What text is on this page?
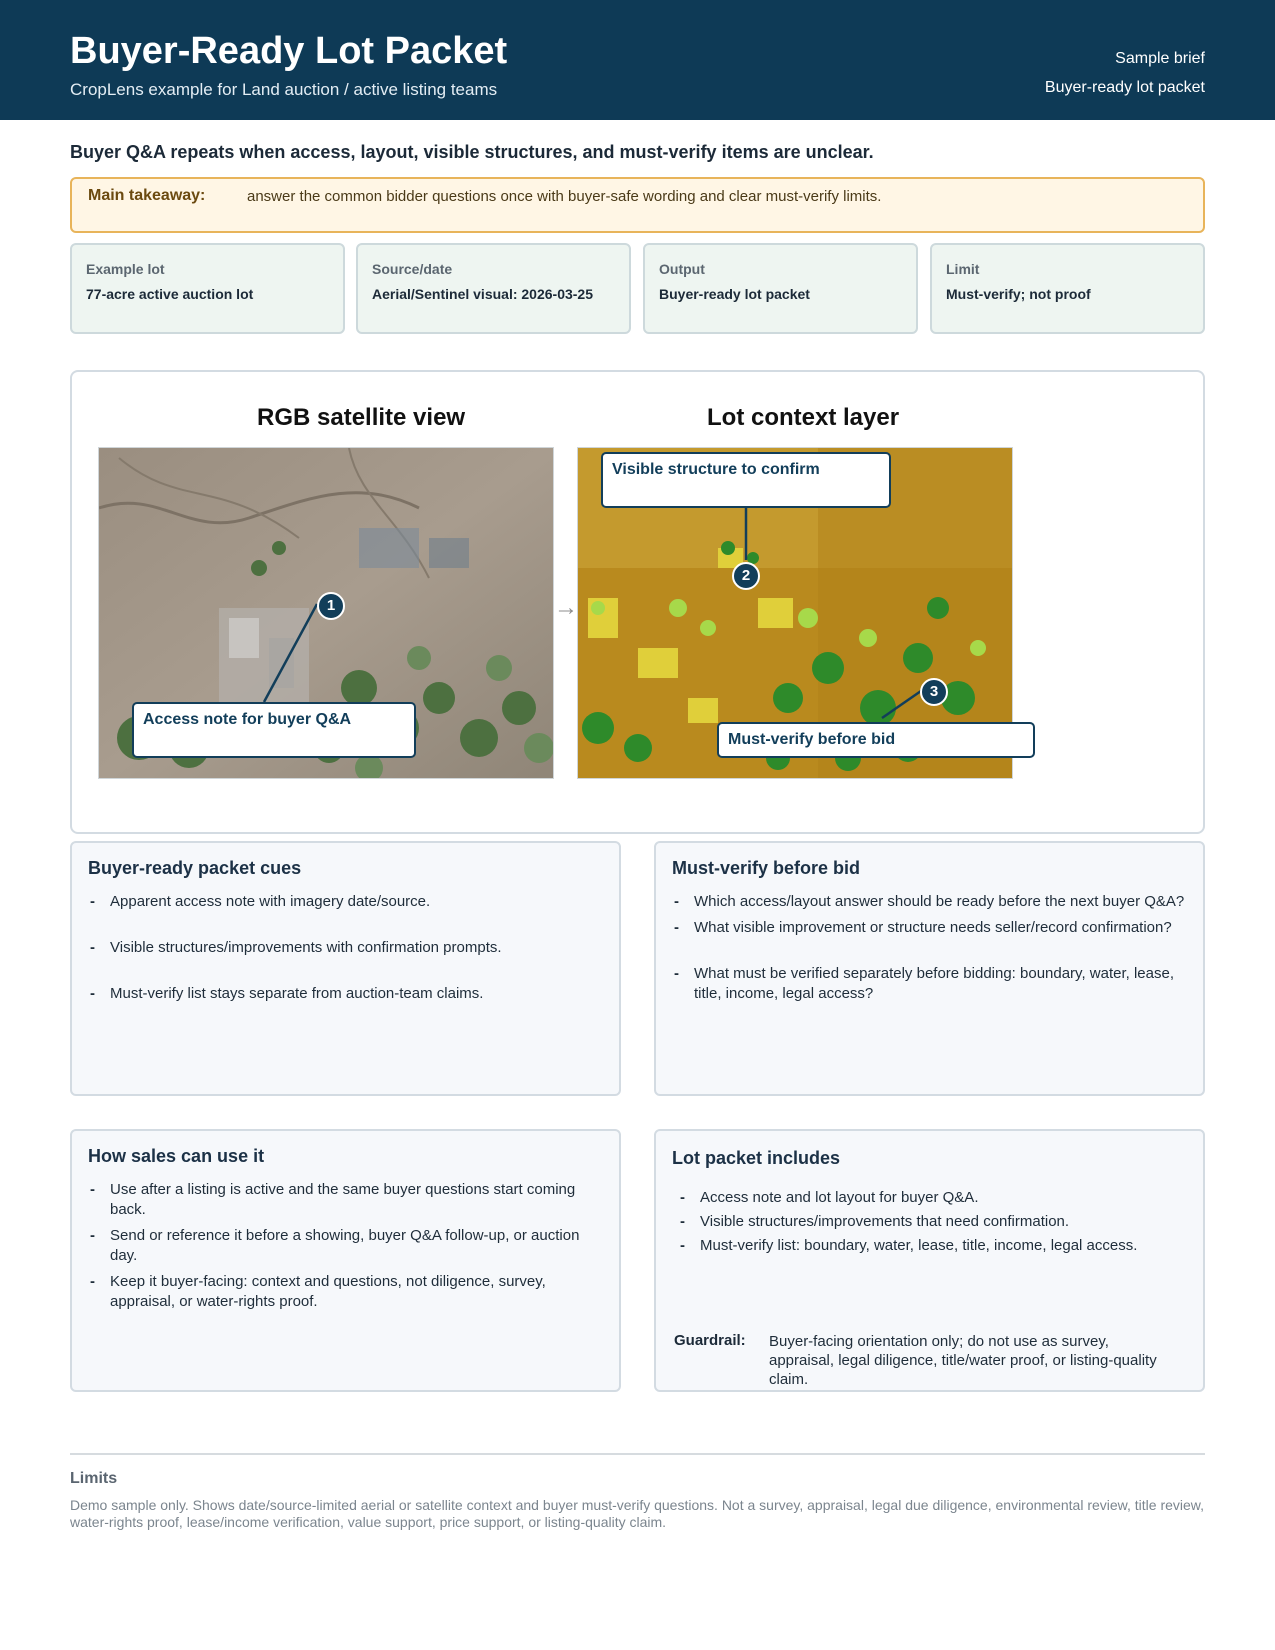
Buyer-Ready Lot Packet
CropLens example for Land auction / active listing teams
Sample brief
Buyer-ready lot packet
Buyer Q&A repeats when access, layout, visible structures, and must-verify items are unclear.
Main takeaway:	answer the common bidder questions once with buyer-safe wording and clear must-verify limits.
Example lot
77-acre active auction lot
Source/date
Aerial/Sentinel visual: 2026-03-25
Output
Buyer-ready lot packet
Limit
Must-verify; not proof
RGB satellite view	Lot context layer
→
1
Access note for buyer Q&A
2
Visible structure to confirm
3
Must-verify before bid
Buyer-ready packet cues
- Apparent access note with imagery date/source.
- Visible structures/improvements with confirmation prompts.
- Must-verify list stays separate from auction-team claims.
Must-verify before bid
- Which access/layout answer should be ready before the next buyer Q&A?
- What visible improvement or structure needs seller/record confirmation?
- What must be verified separately before bidding: boundary, water, lease, title, income, legal access?
How sales can use it
- Use after a listing is active and the same buyer questions start coming back.
- Send or reference it before a showing, buyer Q&A follow-up, or auction day.
- Keep it buyer-facing: context and questions, not diligence, survey, appraisal, or water-rights proof.
Lot packet includes
- Access note and lot layout for buyer Q&A.
- Visible structures/improvements that need confirmation.
- Must-verify list: boundary, water, lease, title, income, legal access.
Guardrail: Buyer-facing orientation only; do not use as survey, appraisal, legal diligence, title/water proof, or listing-quality claim.
Limits
Demo sample only. Shows date/source-limited aerial or satellite context and buyer must-verify questions. Not a survey, appraisal, legal due diligence, environmental review, title review, water-rights proof, lease/income verification, value support, price support, or listing-quality claim.
